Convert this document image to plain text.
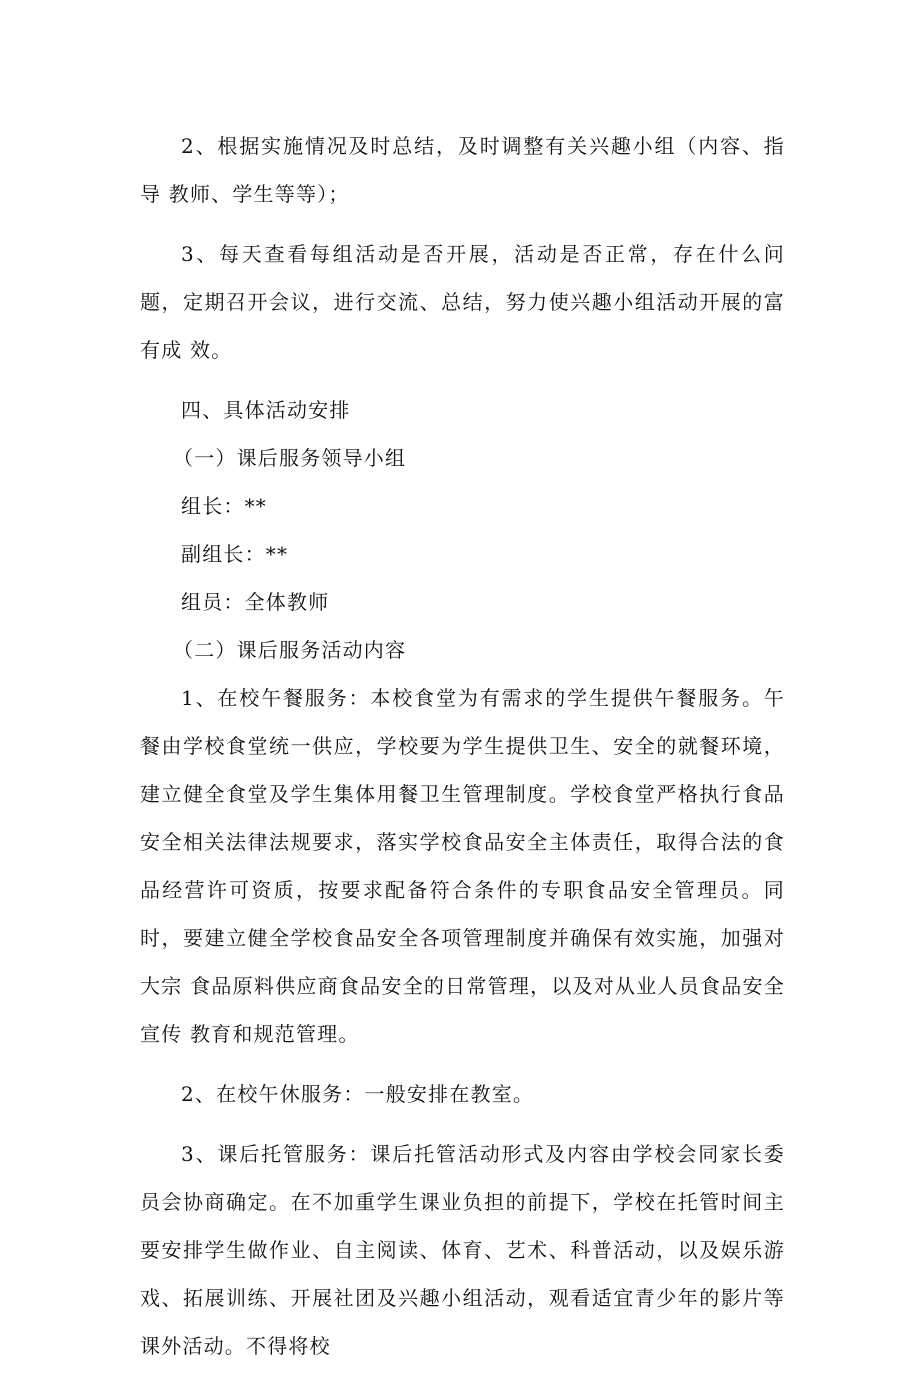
2、根据实施情况及时总结，及时调整有关兴趣小组（内容、指导 教师、学生等等）；

3、每天查看每组活动是否开展，活动是否正常，存在什么问题，定期召开会议，进行交流、总结，努力使兴趣小组活动开展的富有成 效。

四、具体活动安排

（一）课后服务领导小组

组长：**

副组长：**

组员：全体教师

（二）课后服务活动内容

1、在校午餐服务：本校食堂为有需求的学生提供午餐服务。午 餐由学校食堂统一供应，学校要为学生提供卫生、安全的就餐环境， 建立健全食堂及学生集体用餐卫生管理制度。学校食堂严格执行食品 安全相关法律法规要求，落实学校食品安全主体责任，取得合法的食 品经营许可资质，按要求配备符合条件的专职食品安全管理员。同时，要建立健全学校食品安全各项管理制度并确保有效实施，加强对大宗 食品原料供应商食品安全的日常管理，以及对从业人员食品安全宣传 教育和规范管理。

2、在校午休服务：一般安排在教室。

3、课后托管服务：课后托管活动形式及内容由学校会同家长委 员会协商确定。在不加重学生课业负担的前提下，学校在托管时间主 要安排学生做作业、自主阅读、体育、艺术、科普活动，以及娱乐游 戏、拓展训练、开展社团及兴趣小组活动，观看适宜青少年的影片等 课外活动。不得将校
